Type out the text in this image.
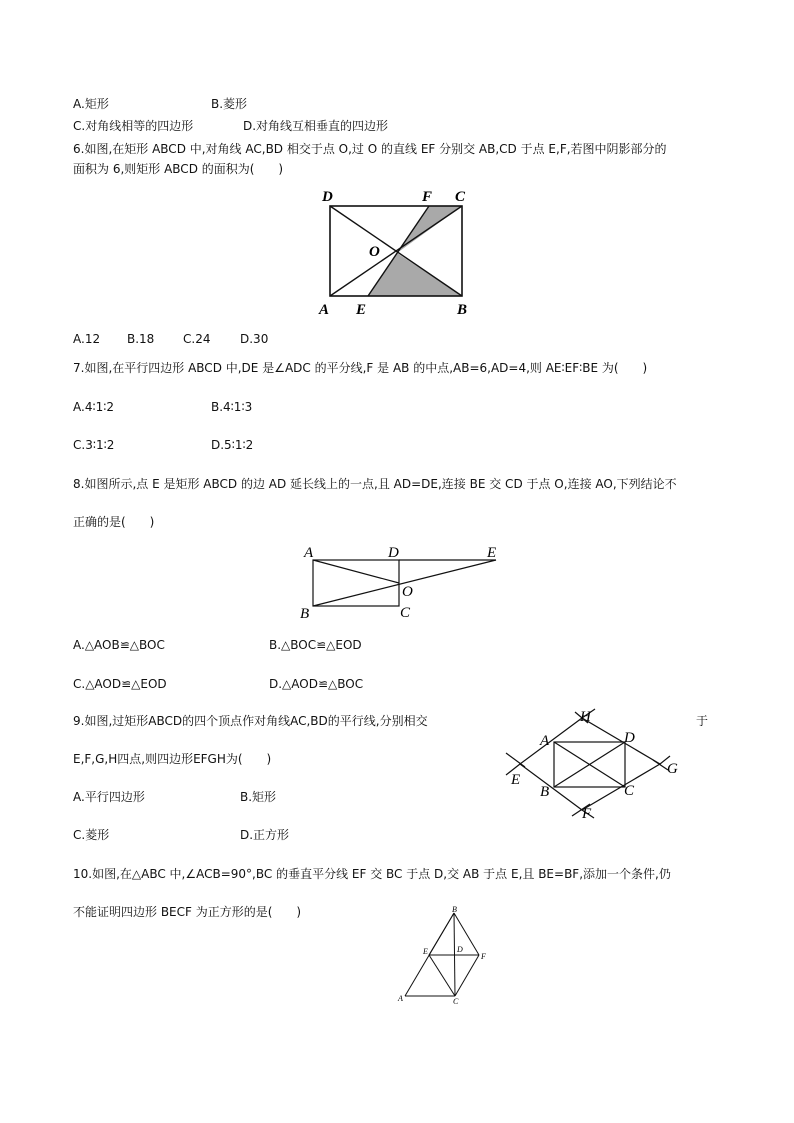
A.矩形	B.菱形
C.对角线相等的四边形	D.对角线互相垂直的四边形
6.如图,在矩形 ABCD 中,对角线 AC,BD 相交于点 O,过 O 的直线 EF 分别交 AB,CD 于点 E,F,若图中阴影部分的
面积为 6,则矩形 ABCD 的面积为(　　)
D	F C
O
A E	B
A.12 B.18 C.24 D.30
7.如图,在平行四边形 ABCD 中,DE 是∠ADC 的平分线,F 是 AB 的中点,AB=6,AD=4,则 AE∶EF∶BE 为(　　)
A.4∶1∶2	B.4∶1∶3
C.3∶1∶2	D.5∶1∶2
8.如图所示,点 E 是矩形 ABCD 的边 AD 延长线上的一点,且 AD=DE,连接 BE 交 CD 于点 O,连接 AO,下列结论不
正确的是(　　)
A	D	E
O
B	C
A.△AOB≌△BOC	B.△BOC≌△EOD
C.△AOD≌△EOD	D.△AOD≌△BOC
9.如图,过矩形ABCD的四个顶点作对角线AC,BD的平行线,分别相交	于
E,F,G,H四点,则四边形EFGH为(　　)
H
A	D
G
E
B	C
F
A.平行四边形	B.矩形
C.菱形	D.正方形
10.如图,在△ABC 中,∠ACB=90°,BC 的垂直平分线 EF 交 BC 于点 D,交 AB 于点 E,且 BE=BF,添加一个条件,仍
不能证明四边形 BECF 为正方形的是(　　)	B
E	D
F
A	C
